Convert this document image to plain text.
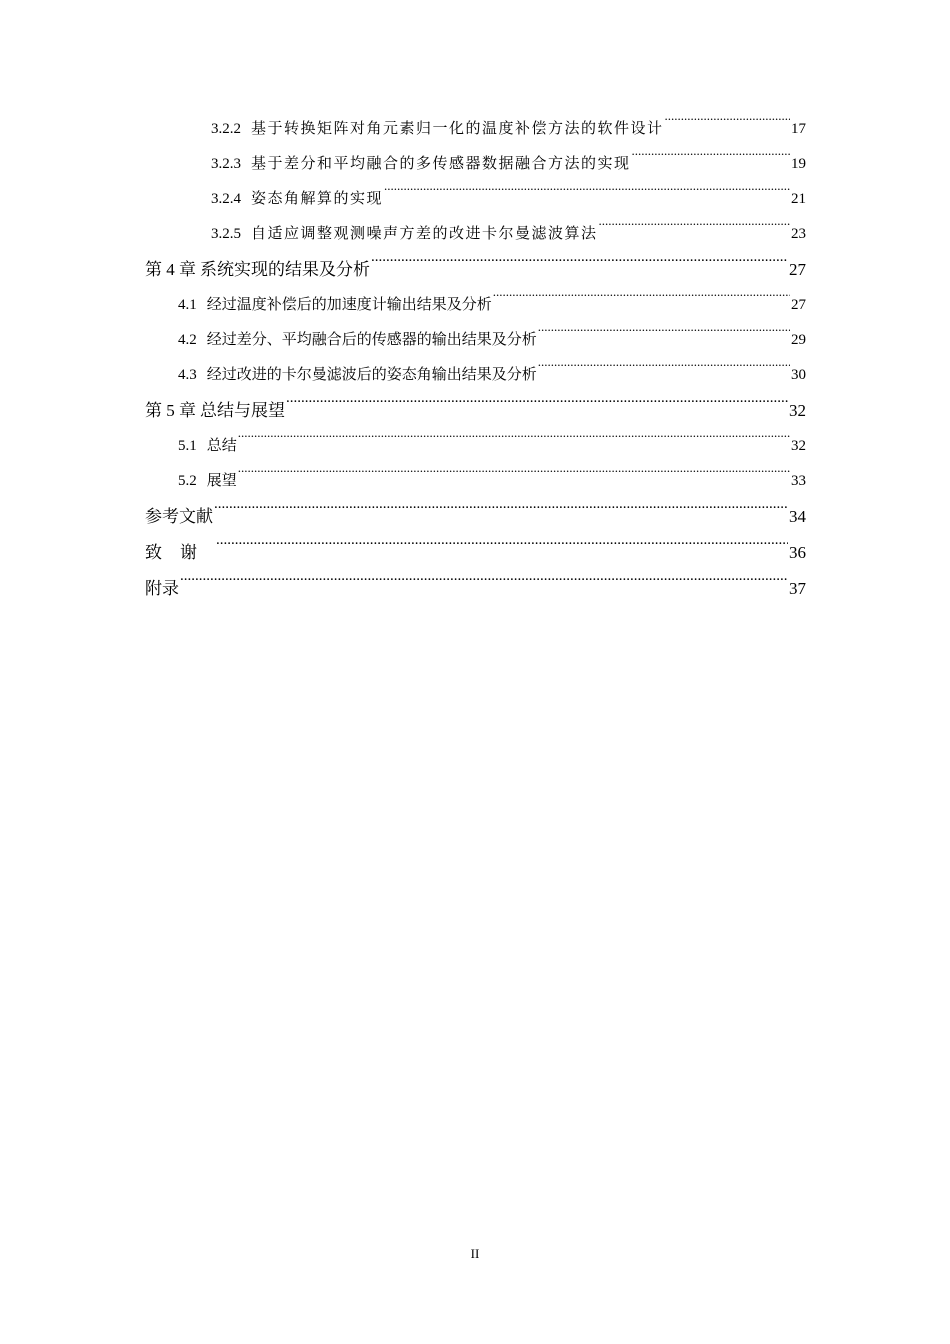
3.2.2 基于转换矩阵对角元素归一化的温度补偿方法的软件设计 .....	17
3.2.3 基于差分和平均融合的多传感器数据融合方法的实现 .....	19
3.2.4 姿态角解算的实现 .....	21
3.2.5 自适应调整观测噪声方差的改进卡尔曼滤波算法 .....	23
第 4 章 系统实现的结果及分析 .....	27
4.1 经过温度补偿后的加速度计输出结果及分析 .....	27
4.2 经过差分、平均融合后的传感器的输出结果及分析 .....	29
4.3 经过改进的卡尔曼滤波后的姿态角输出结果及分析 .....	30
第 5 章 总结与展望 .....	32
5.1 总结 .....	32
5.2 展望 .....	33
参考文献 .....	34
致谢 .....	36
附录 .....	37
II
